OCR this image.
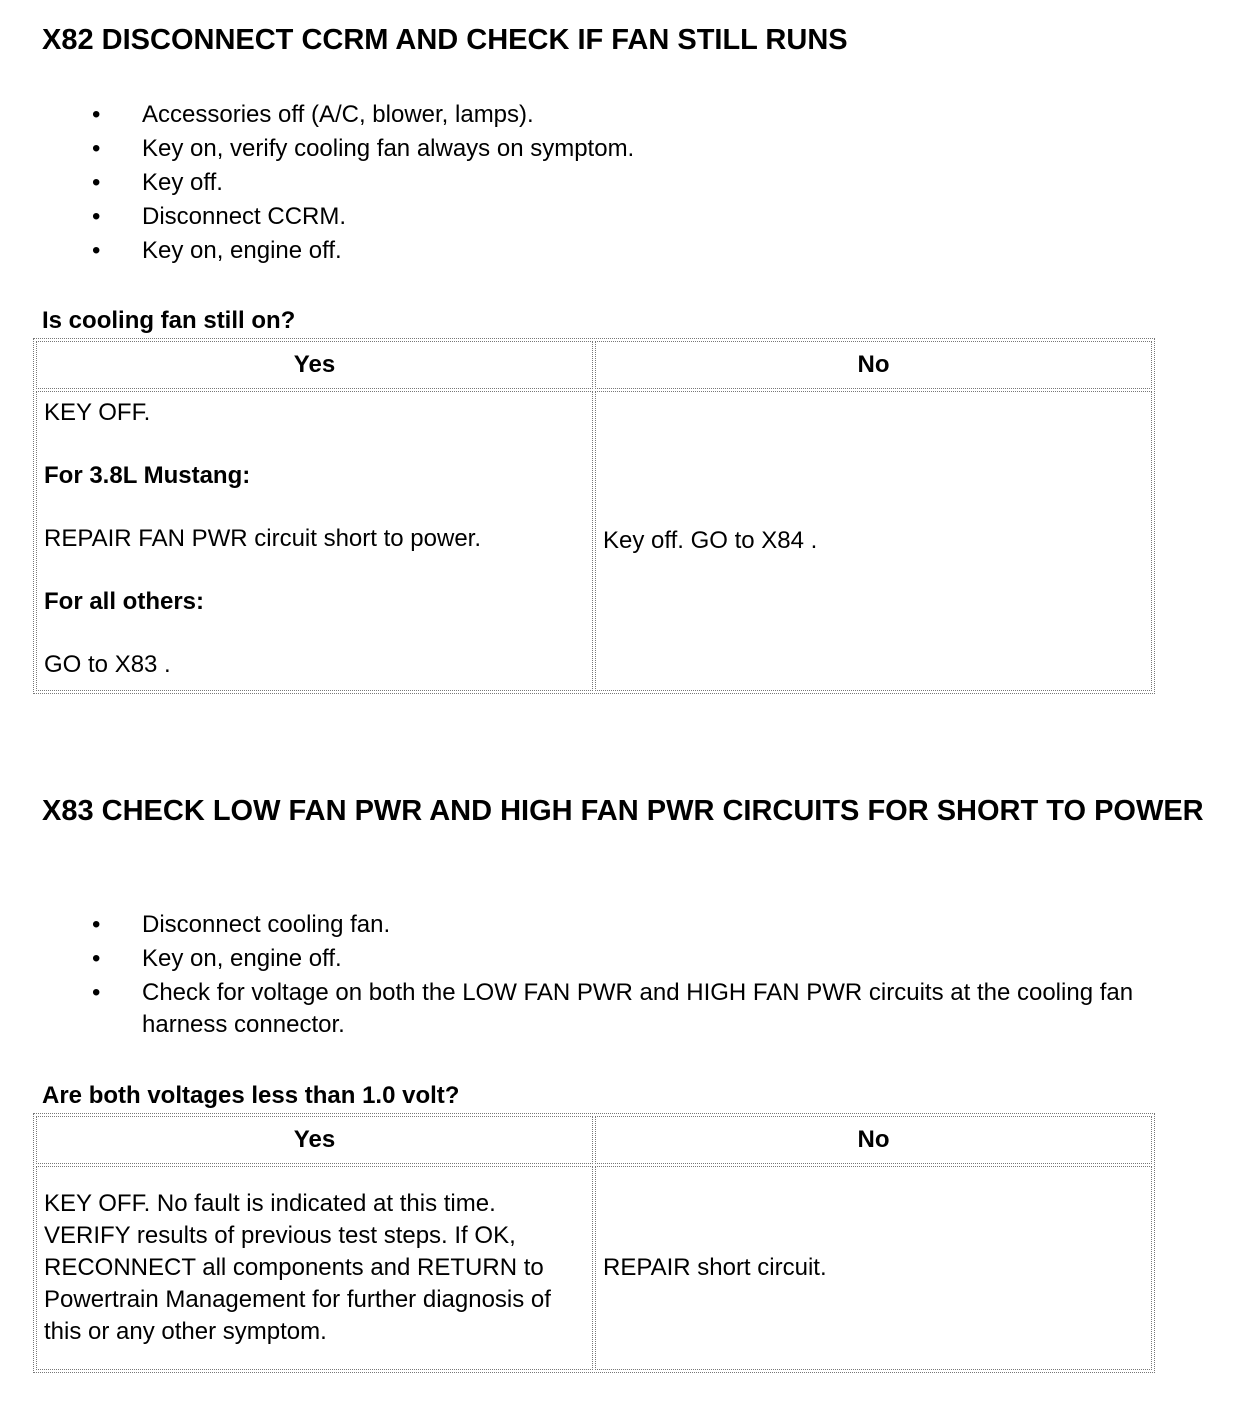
X82 DISCONNECT CCRM AND CHECK IF FAN STILL RUNS
• Accessories off (A/C, blower, lamps).
• Key on, verify cooling fan always on symptom.
• Key off.
• Disconnect CCRM.
• Key on, engine off.

Is cooling fan still on?

Yes	No

KEY OFF.

For 3.8L Mustang:

REPAIR FAN PWR circuit short to power.

For all others:

GO to X83 .	Key off. GO to X84 .
X83 CHECK LOW FAN PWR AND HIGH FAN PWR CIRCUITS FOR SHORT TO POWER
• Disconnect cooling fan.
• Key on, engine off.
• Check for voltage on both the LOW FAN PWR and HIGH FAN PWR circuits at the cooling fan harness connector.

Are both voltages less than 1.0 volt?

Yes	No
KEY OFF. No fault is indicated at this time. VERIFY results of previous test steps. If OK, RECONNECT all components and RETURN to Powertrain Management for further diagnosis of this or any other symptom.	REPAIR short circuit.
